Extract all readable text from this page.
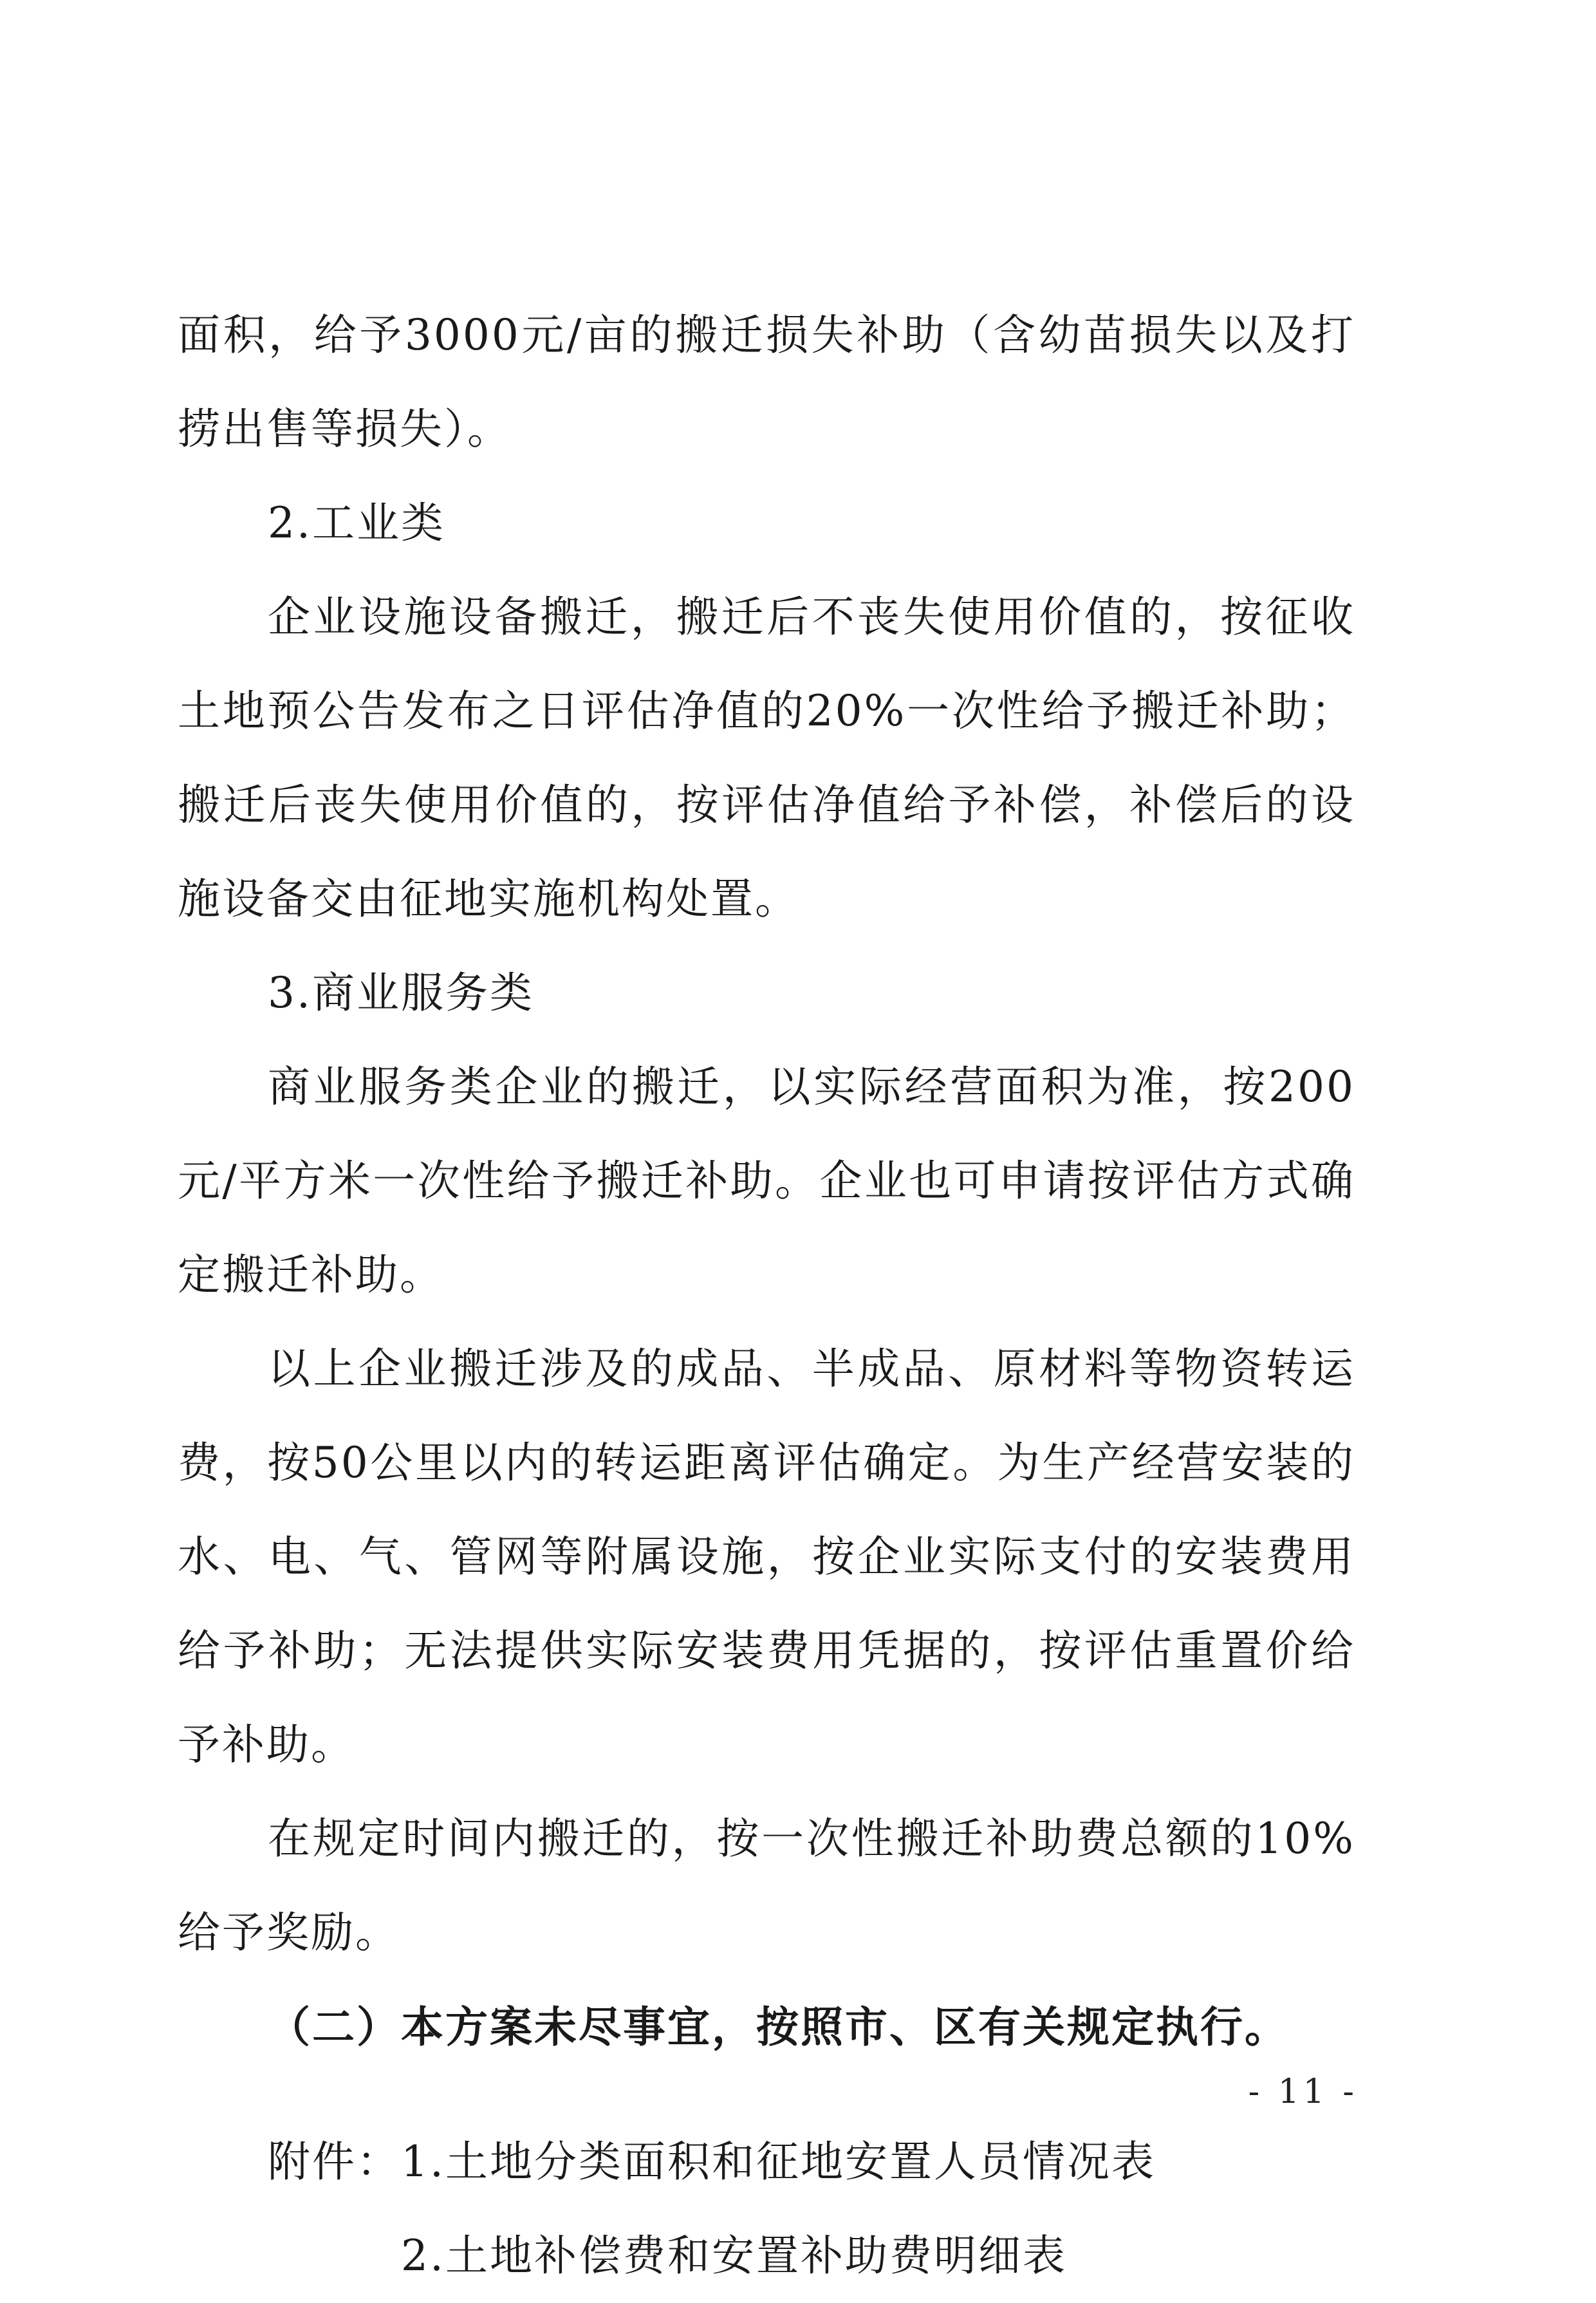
面积，给予3000元/亩的搬迁损失补助（含幼苗损失以及打捞出售等损失）。

2.工业类

企业设施设备搬迁，搬迁后不丧失使用价值的，按征收土地预公告发布之日评估净值的20%一次性给予搬迁补助；搬迁后丧失使用价值的，按评估净值给予补偿，补偿后的设施设备交由征地实施机构处置。

3.商业服务类

商业服务类企业的搬迁，以实际经营面积为准，按200元/平方米一次性给予搬迁补助。企业也可申请按评估方式确定搬迁补助。

以上企业搬迁涉及的成品、半成品、原材料等物资转运费，按50公里以内的转运距离评估确定。为生产经营安装的水、电、气、管网等附属设施，按企业实际支付的安装费用给予补助；无法提供实际安装费用凭据的，按评估重置价给予补助。

在规定时间内搬迁的，按一次性搬迁补助费总额的10%给予奖励。

（二）本方案未尽事宜，按照市、区有关规定执行。

附件： 1.土地分类面积和征地安置人员情况表
2.土地补偿费和安置补助费明细表
- 11 -
